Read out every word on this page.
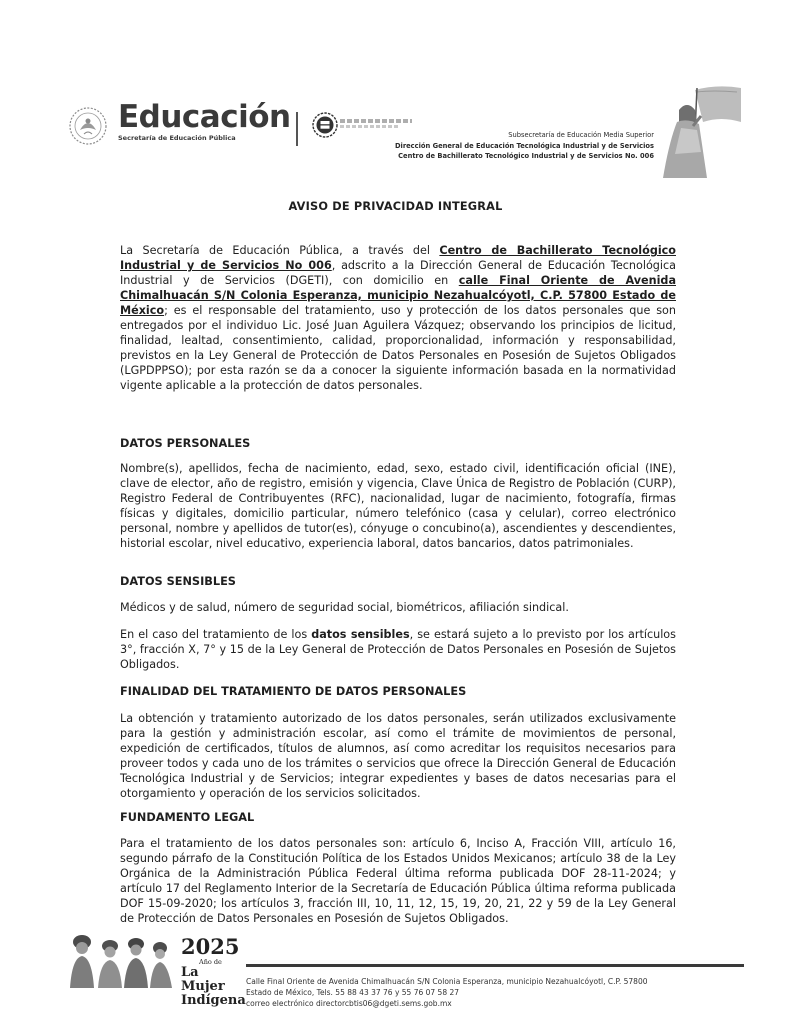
Educación
Secretaría de Educación Pública	Subsecretaría de Educación Media Superior
Dirección General de Educación Tecnológica Industrial y de Servicios
Centro de Bachillerato Tecnológico Industrial y de Servicios No. 006
AVISO DE PRIVACIDAD INTEGRAL
La Secretaría de Educación Pública, a través del Centro de Bachillerato Tecnológico Industrial y de Servicios No 006, adscrito a la Dirección General de Educación Tecnológica Industrial y de Servicios (DGETI), con domicilio en calle Final Oriente de Avenida Chimalhuacán S/N Colonia Esperanza, municipio Nezahualcóyotl, C.P. 57800 Estado de México; es el responsable del tratamiento, uso y protección de los datos personales que son entregados por el individuo Lic. José Juan Aguilera Vázquez; observando los principios de licitud, finalidad, lealtad, consentimiento, calidad, proporcionalidad, información y responsabilidad, previstos en la Ley General de Protección de Datos Personales en Posesión de Sujetos Obligados (LGPDPPSO); por esta razón se da a conocer la siguiente información basada en la normatividad vigente aplicable a la protección de datos personales.
DATOS PERSONALES
Nombre(s), apellidos, fecha de nacimiento, edad, sexo, estado civil, identificación oficial (INE), clave de elector, año de registro, emisión y vigencia, Clave Única de Registro de Población (CURP), Registro Federal de Contribuyentes (RFC), nacionalidad, lugar de nacimiento, fotografía, firmas físicas y digitales, domicilio particular, número telefónico (casa y celular), correo electrónico personal, nombre y apellidos de tutor(es), cónyuge o concubino(a), ascendientes y descendientes, historial escolar, nivel educativo, experiencia laboral, datos bancarios, datos patrimoniales.
DATOS SENSIBLES
Médicos y de salud, número de seguridad social, biométricos, afiliación sindical.
En el caso del tratamiento de los datos sensibles, se estará sujeto a lo previsto por los artículos 3°, fracción X, 7° y 15 de la Ley General de Protección de Datos Personales en Posesión de Sujetos Obligados.
FINALIDAD DEL TRATAMIENTO DE DATOS PERSONALES
La obtención y tratamiento autorizado de los datos personales, serán utilizados exclusivamente para la gestión y administración escolar, así como el trámite de movimientos de personal, expedición de certificados, títulos de alumnos, así como acreditar los requisitos necesarios para proveer todos y cada uno de los trámites o servicios que ofrece la Dirección General de Educación Tecnológica Industrial y de Servicios; integrar expedientes y bases de datos necesarias para el otorgamiento y operación de los servicios solicitados.
FUNDAMENTO LEGAL
Para el tratamiento de los datos personales son: artículo 6, Inciso A, Fracción VIII, artículo 16, segundo párrafo de la Constitución Política de los Estados Unidos Mexicanos; artículo 38 de la Ley Orgánica de la Administración Pública Federal última reforma publicada DOF 28-11-2024; y artículo 17 del Reglamento Interior de la Secretaría de Educación Pública última reforma publicada DOF 15-09-2020; los artículos 3, fracción III, 10, 11, 12, 15, 19, 20, 21, 22 y 59 de la Ley General de Protección de Datos Personales en Posesión de Sujetos Obligados.
2025
Año de
La Mujer
Indígena
Calle Final Oriente de Avenida Chimalhuacán S/N Colonia Esperanza, municipio Nezahualcóyotl, C.P. 57800
Estado de México, Tels. 55 88 43 37 76 y 55 76 07 58 27
correo electrónico directorcbtis06@dgeti.sems.gob.mx
